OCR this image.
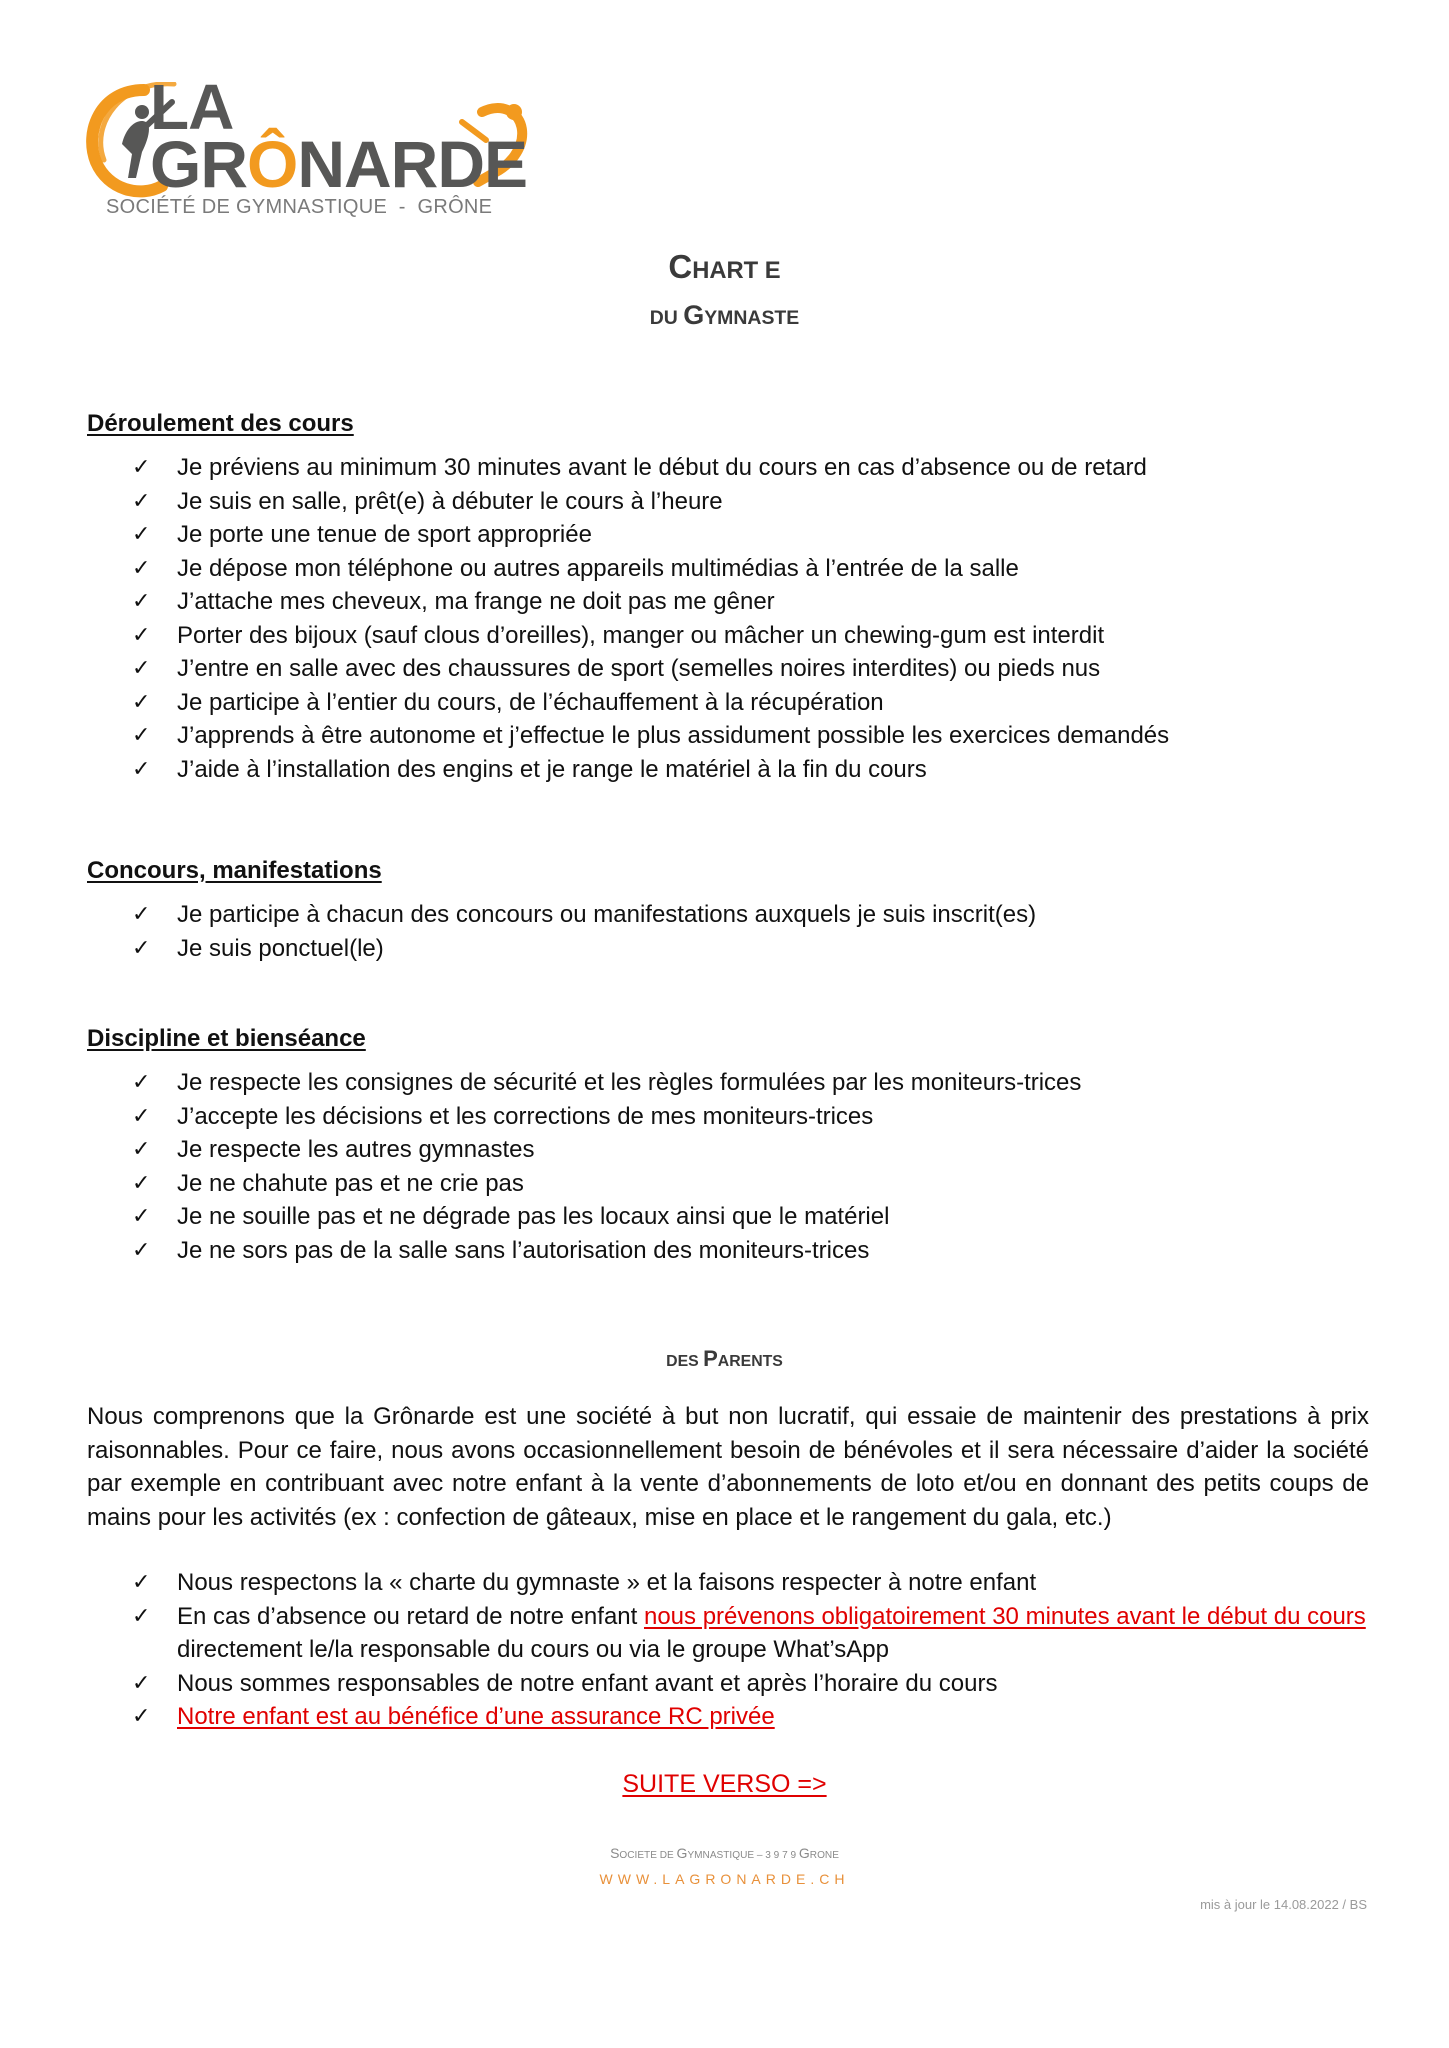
LA
GRÔNARDE
SOCIÉTÉ DE GYMNASTIQUE  -  GRÔNE
CHART E
DU GYMNASTE
Déroulement des cours
✓ Je préviens au minimum 30 minutes avant le début du cours en cas d’absence ou de retard
✓ Je suis en salle, prêt(e) à débuter le cours à l’heure
✓ Je porte une tenue de sport appropriée
✓ Je dépose mon téléphone ou autres appareils multimédias à l’entrée de la salle
✓ J’attache mes cheveux, ma frange ne doit pas me gêner
✓ Porter des bijoux (sauf clous d’oreilles), manger ou mâcher un chewing-gum est interdit
✓ J’entre en salle avec des chaussures de sport (semelles noires interdites) ou pieds nus
✓ Je participe à l’entier du cours, de l’échauffement à la récupération
✓ J’apprends à être autonome et j’effectue le plus assidument possible les exercices demandés
✓ J’aide à l’installation des engins et je range le matériel à la fin du cours
Concours, manifestations
✓ Je participe à chacun des concours ou manifestations auxquels je suis inscrit(es)
✓ Je suis ponctuel(le)
Discipline et bienséance
✓ Je respecte les consignes de sécurité et les règles formulées par les moniteurs-trices
✓ J’accepte les décisions et les corrections de mes moniteurs-trices
✓ Je respecte les autres gymnastes
✓ Je ne chahute pas et ne crie pas
✓ Je ne souille pas et ne dégrade pas les locaux ainsi que le matériel
✓ Je ne sors pas de la salle sans l’autorisation des moniteurs-trices
DES PARENTS

Nous comprenons que la Grônarde est une société à but non lucratif, qui essaie de maintenir des prestations à prix raisonnables. Pour ce faire, nous avons occasionnellement besoin de bénévoles et il sera nécessaire d’aider la société par exemple en contribuant avec notre enfant à la vente d’abonnements de loto et/ou en donnant des petits coups de mains pour les activités (ex : confection de gâteaux, mise en place et le rangement du gala, etc.)

✓ Nous respectons la « charte du gymnaste » et la faisons respecter à notre enfant
✓ En cas d’absence ou retard de notre enfant nous prévenons obligatoirement 30 minutes avant le début du cours directement le/la responsable du cours ou via le groupe What’sApp
✓ Nous sommes responsables de notre enfant avant et après l’horaire du cours
✓ Notre enfant est au bénéfice d’une assurance RC privée
SUITE VERSO =>
SOCIETE DE GYMNASTIQUE – 3 9 7 9 GRONE
WWW.LAGRONARDE.CH
mis à jour le 14.08.2022 / BS
